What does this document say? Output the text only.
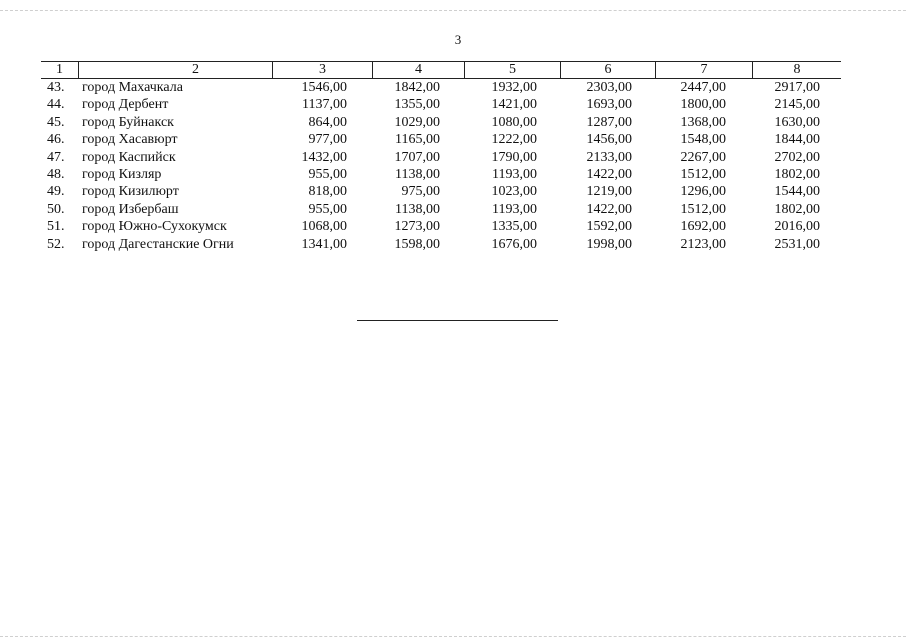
3
1	2	3	4	5	6	7	8
43. город Махачкала	1546,00	1842,00	1932,00	2303,00	2447,00	2917,00
44. город Дербент	1137,00	1355,00	1421,00	1693,00	1800,00	2145,00
45. город Буйнакск	864,00	1029,00	1080,00	1287,00	1368,00	1630,00
46. город Хасавюрт	977,00	1165,00	1222,00	1456,00	1548,00	1844,00
47. город Каспийск	1432,00	1707,00	1790,00	2133,00	2267,00	2702,00
48. город Кизляр	955,00	1138,00	1193,00	1422,00	1512,00	1802,00
49. город Кизилюрт	818,00	975,00	1023,00	1219,00	1296,00	1544,00
50. город Избербаш	955,00	1138,00	1193,00	1422,00	1512,00	1802,00
51. город Южно-Сухокумск	1068,00	1273,00	1335,00	1592,00	1692,00	2016,00
52. город Дагестанские Огни	1341,00	1598,00	1676,00	1998,00	2123,00	2531,00
